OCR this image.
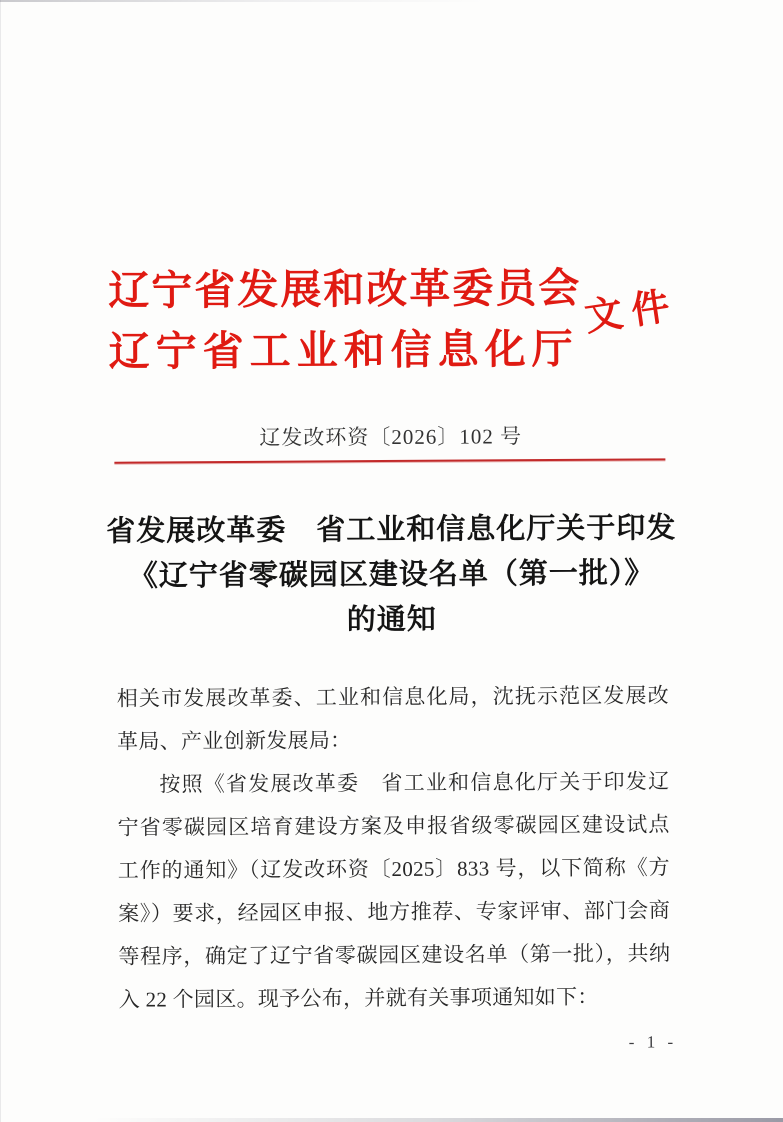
辽宁省发展和改革委员会
辽宁省工业和信息化厅
文件
辽发改环资〔2026〕102 号
省发展改革委　省工业和信息化厅关于印发
《辽宁省零碳园区建设名单（第一批）》
的通知

相关市发展改革委、工业和信息化局，沈抚示范区发展改革局、产业创新发展局：

按照《省发展改革委　省工业和信息化厅关于印发辽宁省零碳园区培育建设方案及申报省级零碳园区建设试点工作的通知》（辽发改环资〔2025〕833 号，以下简称《方案》）要求，经园区申报、地方推荐、专家评审、部门会商等程序，确定了辽宁省零碳园区建设名单（第一批），共纳入 22 个园区。现予公布，并就有关事项通知如下：

- 1 -
